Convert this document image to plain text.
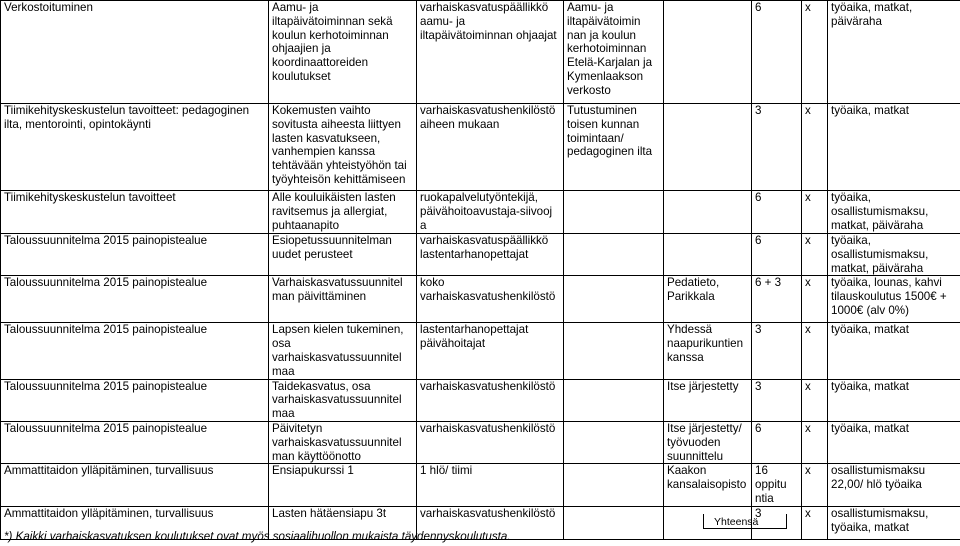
Verkostoituminen	Aamu- ja iltapäivätoiminnan sekä koulun kerhotoiminnan ohjaajien ja koordinaattoreiden koulutukset	varhaiskasvatuspäällikkö aamu- ja iltapäivätoiminnan ohjaajat	Aamu- ja iltapäivätoimin nan ja koulun kerhotoiminnan Etelä-Karjalan ja Kymenlaakson verkosto		6	x	työaika, matkat, päiväraha
Tiimikehityskeskustelun tavoitteet: pedagoginen ilta, mentorointi, opintokäynti	Kokemusten vaihto sovitusta aiheesta liittyen lasten kasvatukseen, vanhempien kanssa tehtävään yhteistyöhön tai työyhteisön kehittämiseen	varhaiskasvatushenkilöstö aiheen mukaan	Tutustuminen toisen kunnan toimintaan/ pedagoginen ilta		3	x	työaika, matkat
Tiimikehityskeskustelun tavoitteet	Alle kouluikäisten lasten ravitsemus ja allergiat, puhtaanapito	ruokapalvelutyöntekijä, päivähoitoavustaja-siivooj a			6	x	työaika, osallistumismaksu, matkat, päiväraha
Taloussuunnitelma 2015 painopistealue	Esiopetussuunnitelman uudet perusteet	varhaiskasvatuspäällikkö lastentarhanopettajat			6	x	työaika, osallistumismaksu, matkat, päiväraha
Taloussuunnitelma 2015 painopistealue	Varhaiskasvatussuunnitel man päivittäminen	koko varhaiskasvatushenkilöstö		Pedatieto, Parikkala	6 + 3	x	työaika, lounas, kahvi tilauskoulutus 1500€ + 1000€ (alv 0%)
Taloussuunnitelma 2015 painopistealue	Lapsen kielen tukeminen, osa varhaiskasvatussuunnitel maa	lastentarhanopettajat päivähoitajat		Yhdessä naapurikuntien kanssa	3	x	työaika, matkat
Taloussuunnitelma 2015 painopistealue	Taidekasvatus, osa varhaiskasvatussuunnitel maa	varhaiskasvatushenkilöstö		Itse järjestetty	3	x	työaika, matkat
Taloussuunnitelma 2015 painopistealue	Päivitetyn varhaiskasvatussuunnitel man käyttöönotto	varhaiskasvatushenkilöstö		Itse järjestetty/ työvuoden suunnittelu	6	x	työaika, matkat
Ammattitaidon ylläpitäminen, turvallisuus	Ensiapukurssi 1	1 hlö/ tiimi		Kaakon kansalaisopisto	16 oppitu ntia	x	osallistumismaksu 22,00/ hlö työaika
Ammattitaidon ylläpitäminen, turvallisuus	Lasten hätäensiapu 3t	varhaiskasvatushenkilöstö			3	x	osallistumismaksu, työaika, matkat
Yhteensä
*) Kaikki varhaiskasvatuksen koulutukset ovat myös sosiaalihuollon mukaista täydennyskoulutusta.
